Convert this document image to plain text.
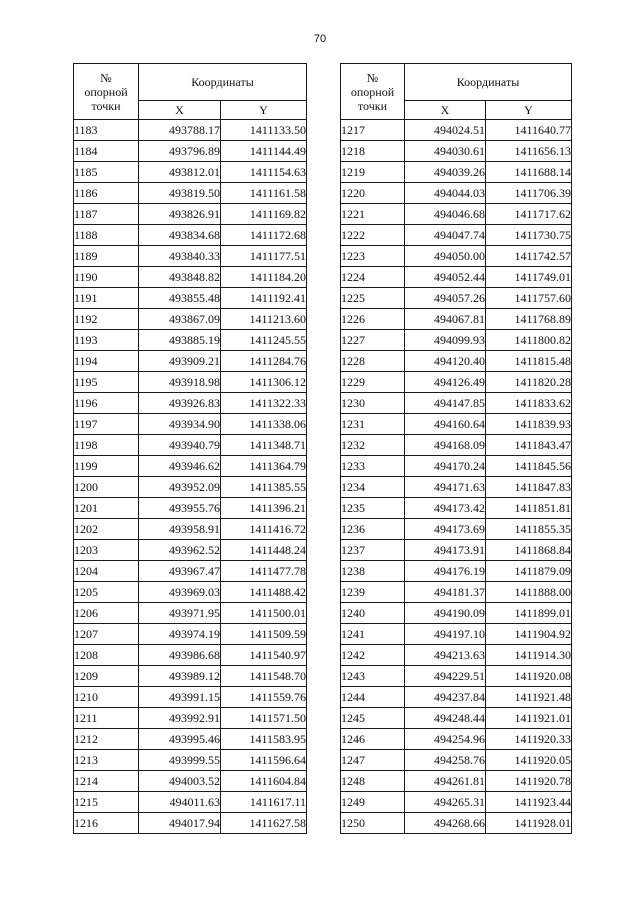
70
№
опорной
точки	Координаты	
	X	Y
1183	493788.17	1411133.50
1184	493796.89	1411144.49
1185	493812.01	1411154.63
1186	493819.50	1411161.58
1187	493826.91	1411169.82
1188	493834.68	1411172.68
1189	493840.33	1411177.51
1190	493848.82	1411184.20
1191	493855.48	1411192.41
1192	493867.09	1411213.60
1193	493885.19	1411245.55
1194	493909.21	1411284.76
1195	493918.98	1411306.12
1196	493926.83	1411322.33
1197	493934.90	1411338.06
1198	493940.79	1411348.71
1199	493946.62	1411364.79
1200	493952.09	1411385.55
1201	493955.76	1411396.21
1202	493958.91	1411416.72
1203	493962.52	1411448.24
1204	493967.47	1411477.78
1205	493969.03	1411488.42
1206	493971.95	1411500.01
1207	493974.19	1411509.59
1208	493986.68	1411540.97
1209	493989.12	1411548.70
1210	493991.15	1411559.76
1211	493992.91	1411571.50
1212	493995.46	1411583.95
1213	493999.55	1411596.64
1214	494003.52	1411604.84
1215	494011.63	1411617.11
1216	494017.94	1411627.58
№
опорной
точки	Координаты	
	X	Y
1217	494024.51	1411640.77
1218	494030.61	1411656.13
1219	494039.26	1411688.14
1220	494044.03	1411706.39
1221	494046.68	1411717.62
1222	494047.74	1411730.75
1223	494050.00	1411742.57
1224	494052.44	1411749.01
1225	494057.26	1411757.60
1226	494067.81	1411768.89
1227	494099.93	1411800.82
1228	494120.40	1411815.48
1229	494126.49	1411820.28
1230	494147.85	1411833.62
1231	494160.64	1411839.93
1232	494168.09	1411843.47
1233	494170.24	1411845.56
1234	494171.63	1411847.83
1235	494173.42	1411851.81
1236	494173.69	1411855.35
1237	494173.91	1411868.84
1238	494176.19	1411879.09
1239	494181.37	1411888.00
1240	494190.09	1411899.01
1241	494197.10	1411904.92
1242	494213.63	1411914.30
1243	494229.51	1411920.08
1244	494237.84	1411921.48
1245	494248.44	1411921.01
1246	494254.96	1411920.33
1247	494258.76	1411920.05
1248	494261.81	1411920.78
1249	494265.31	1411923.44
1250	494268.66	1411928.01
